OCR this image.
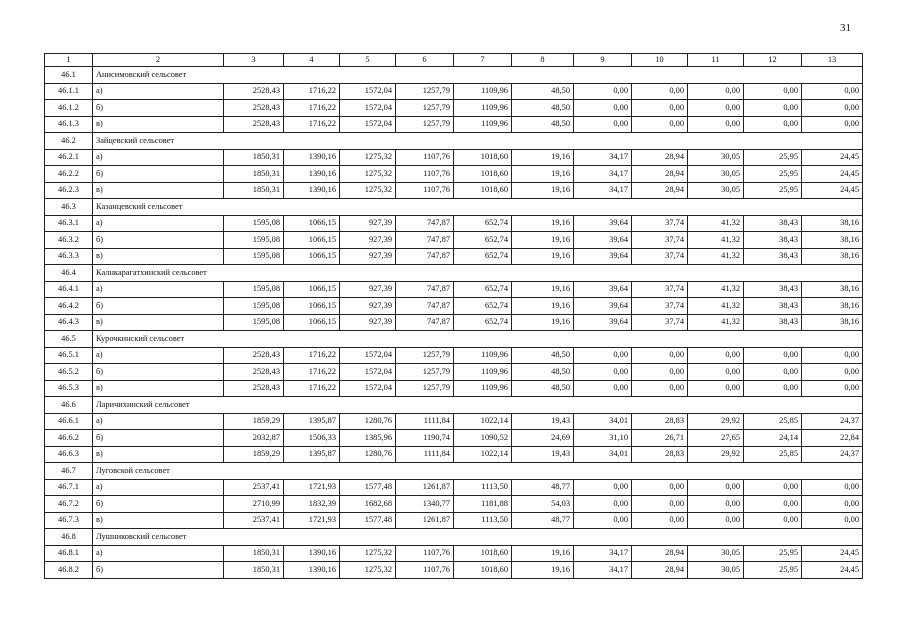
31
1	2	3	4	5	6	7	8	9	10	11	12	13
46.1	Анисимовский сельсовет											
46.1.1	а)	2528,43	1716,22	1572,04	1257,79	1109,96	48,50	0,00	0,00	0,00	0,00	0,00
46.1.2	б)	2528,43	1716,22	1572,04	1257,79	1109,96	48,50	0,00	0,00	0,00	0,00	0,00
46.1.3	в)	2528,43	1716,22	1572,04	1257,79	1109,96	48,50	0,00	0,00	0,00	0,00	0,00
46.2	Зайцевский сельсовет											
46.2.1	а)	1850,31	1390,16	1275,32	1107,76	1018,60	19,16	34,17	28,94	30,05	25,95	24,45
46.2.2	б)	1850,31	1390,16	1275,32	1107,76	1018,60	19,16	34,17	28,94	30,05	25,95	24,45
46.2.3	в)	1850,31	1390,16	1275,32	1107,76	1018,60	19,16	34,17	28,94	30,05	25,95	24,45
46.3	Казанцевский сельсовет											
46.3.1	а)	1595,08	1066,15	927,39	747,87	652,74	19,16	39,64	37,74	41,32	38,43	38,16
46.3.2	б)	1595,08	1066,15	927,39	747,87	652,74	19,16	39,64	37,74	41,32	38,43	38,16
46.3.3	в)	1595,08	1066,15	927,39	747,87	652,74	19,16	39,64	37,74	41,32	38,43	38,16
46.4	Калнкарагатхинский сельсовет											
46.4.1	а)	1595,08	1066,15	927,39	747,87	652,74	19,16	39,64	37,74	41,32	38,43	38,16
46.4.2	б)	1595,08	1066,15	927,39	747,87	652,74	19,16	39,64	37,74	41,32	38,43	38,16
46.4.3	в)	1595,08	1066,15	927,39	747,87	652,74	19,16	39,64	37,74	41,32	38,43	38,16
46.5	Курочкинский сельсовет											
46.5.1	а)	2528,43	1716,22	1572,04	1257,79	1109,96	48,50	0,00	0,00	0,00	0,00	0,00
46.5.2	б)	2528,43	1716,22	1572,04	1257,79	1109,96	48,50	0,00	0,00	0,00	0,00	0,00
46.5.3	в)	2528,43	1716,22	1572,04	1257,79	1109,96	48,50	0,00	0,00	0,00	0,00	0,00
46.6	Ларичихинский сельсовет											
46.6.1	а)	1859,29	1395,87	1280,76	1111,84	1022,14	19,43	34,01	28,83	29,92	25,85	24,37
46.6.2	б)	2032,87	1506,33	1385,96	1190,74	1090,52	24,69	31,10	26,71	27,65	24,14	22,84
46.6.3	в)	1859,29	1395,87	1280,76	1111,84	1022,14	19,43	34,01	28,83	29,92	25,85	24,37
46.7	Луговской сельсовет											
46.7.1	а)	2537,41	1721,93	1577,48	1261,87	1113,50	48,77	0,00	0,00	0,00	0,00	0,00
46.7.2	б)	2710,99	1832,39	1682,68	1340,77	1181,88	54,03	0,00	0,00	0,00	0,00	0,00
46.7.3	в)	2537,41	1721,93	1577,48	1261,87	1113,50	48,77	0,00	0,00	0,00	0,00	0,00
46.8	Лушниковский сельсовет											
46.8.1	а)	1850,31	1390,16	1275,32	1107,76	1018,60	19,16	34,17	28,94	30,05	25,95	24,45
46.8.2	б)	1850,31	1390,16	1275,32	1107,76	1018,60	19,16	34,17	28,94	30,05	25,95	24,45
